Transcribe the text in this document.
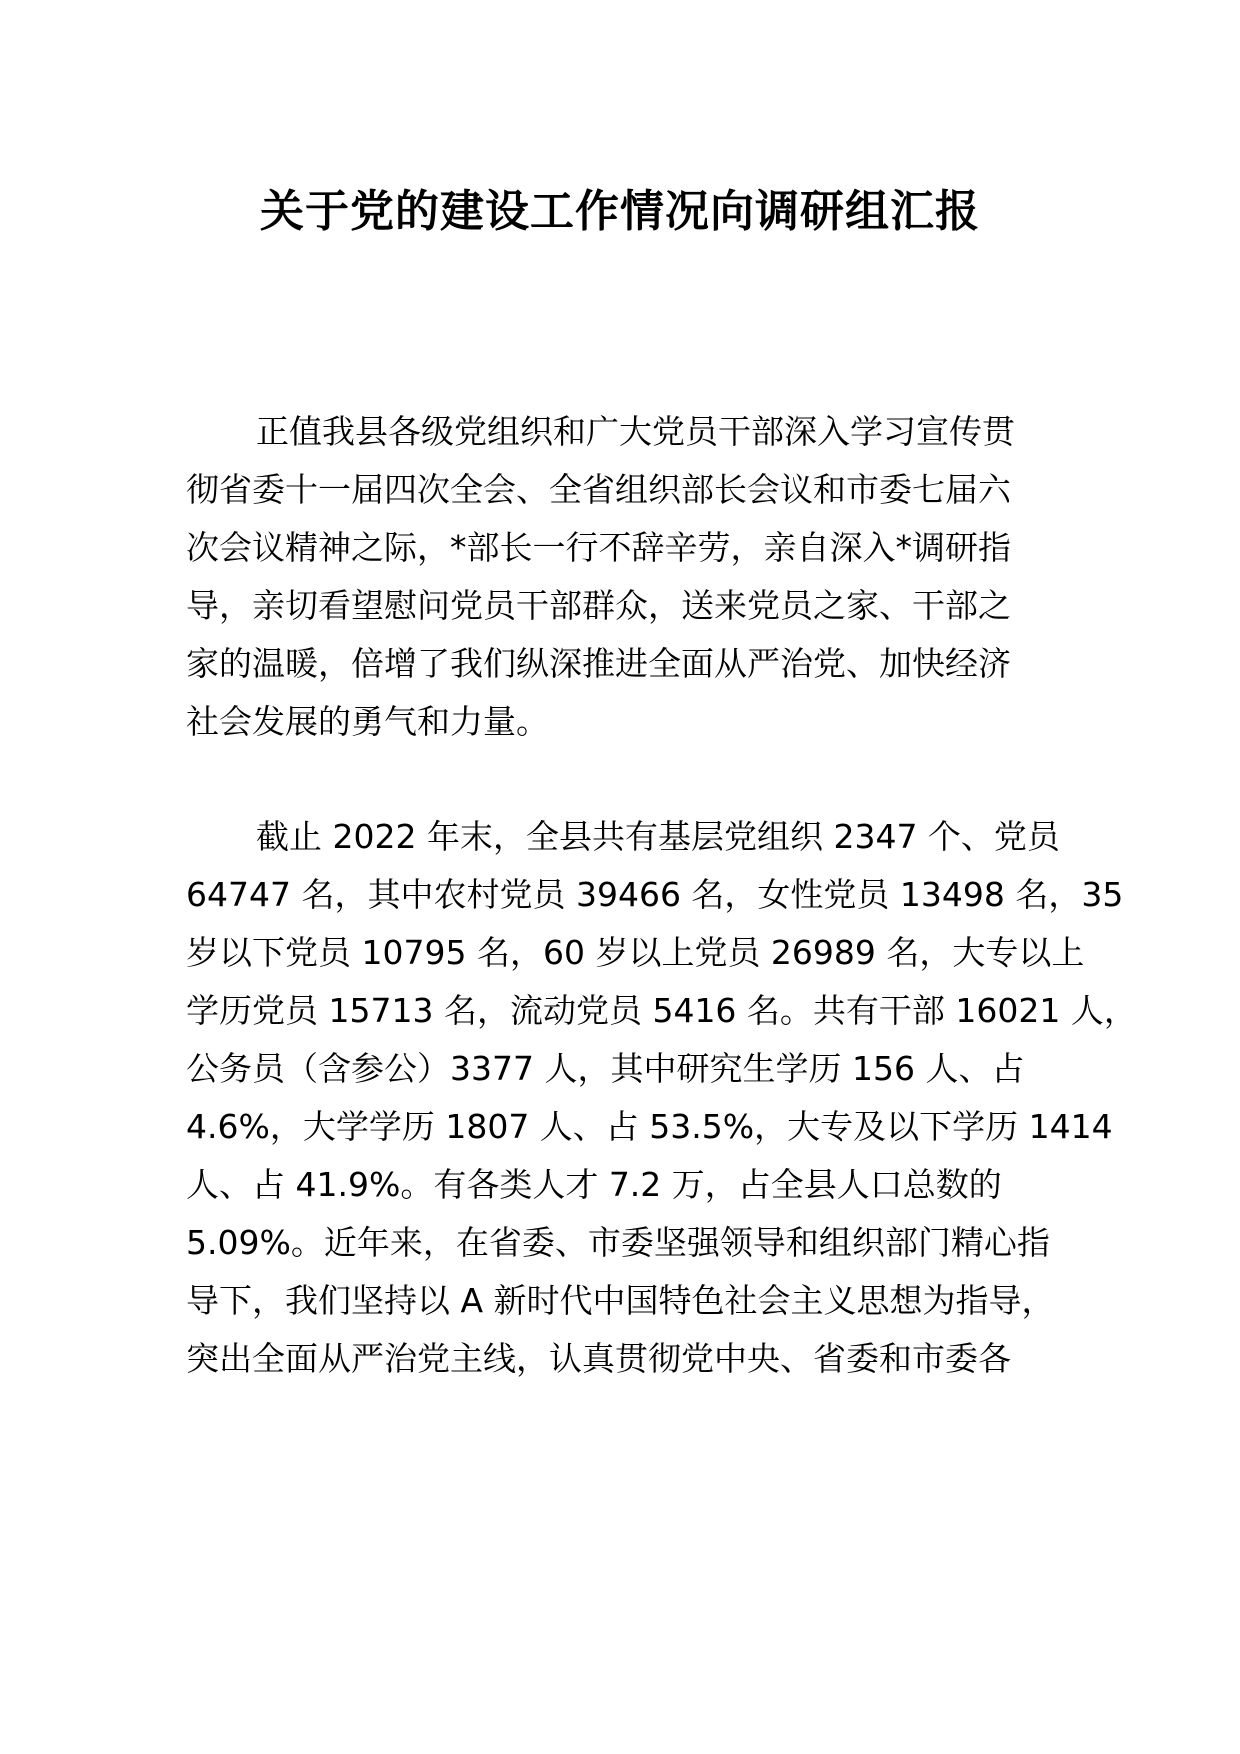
关于党的建设工作情况向调研组汇报
正值我县各级党组织和广大党员干部深入学习宣传贯
彻省委十一届四次全会、全省组织部长会议和市委七届六
次会议精神之际，*部长一行不辞辛劳，亲自深入*调研指
导，亲切看望慰问党员干部群众，送来党员之家、干部之
家的温暖，倍增了我们纵深推进全面从严治党、加快经济
社会发展的勇气和力量。
截止 2022 年末，全县共有基层党组织 2347 个、党员
64747 名，其中农村党员 39466 名，女性党员 13498 名，35
岁以下党员 10795 名，60 岁以上党员 26989 名，大专以上
学历党员 15713 名，流动党员 5416 名。共有干部 16021 人，
公务员（含参公）3377 人，其中研究生学历 156 人、占
4.6%，大学学历 1807 人、占 53.5%，大专及以下学历 1414
人、占 41.9%。有各类人才 7.2 万，占全县人口总数的
5.09%。近年来，在省委、市委坚强领导和组织部门精心指
导下，我们坚持以 A 新时代中国特色社会主义思想为指导，
突出全面从严治党主线，认真贯彻党中央、省委和市委各
